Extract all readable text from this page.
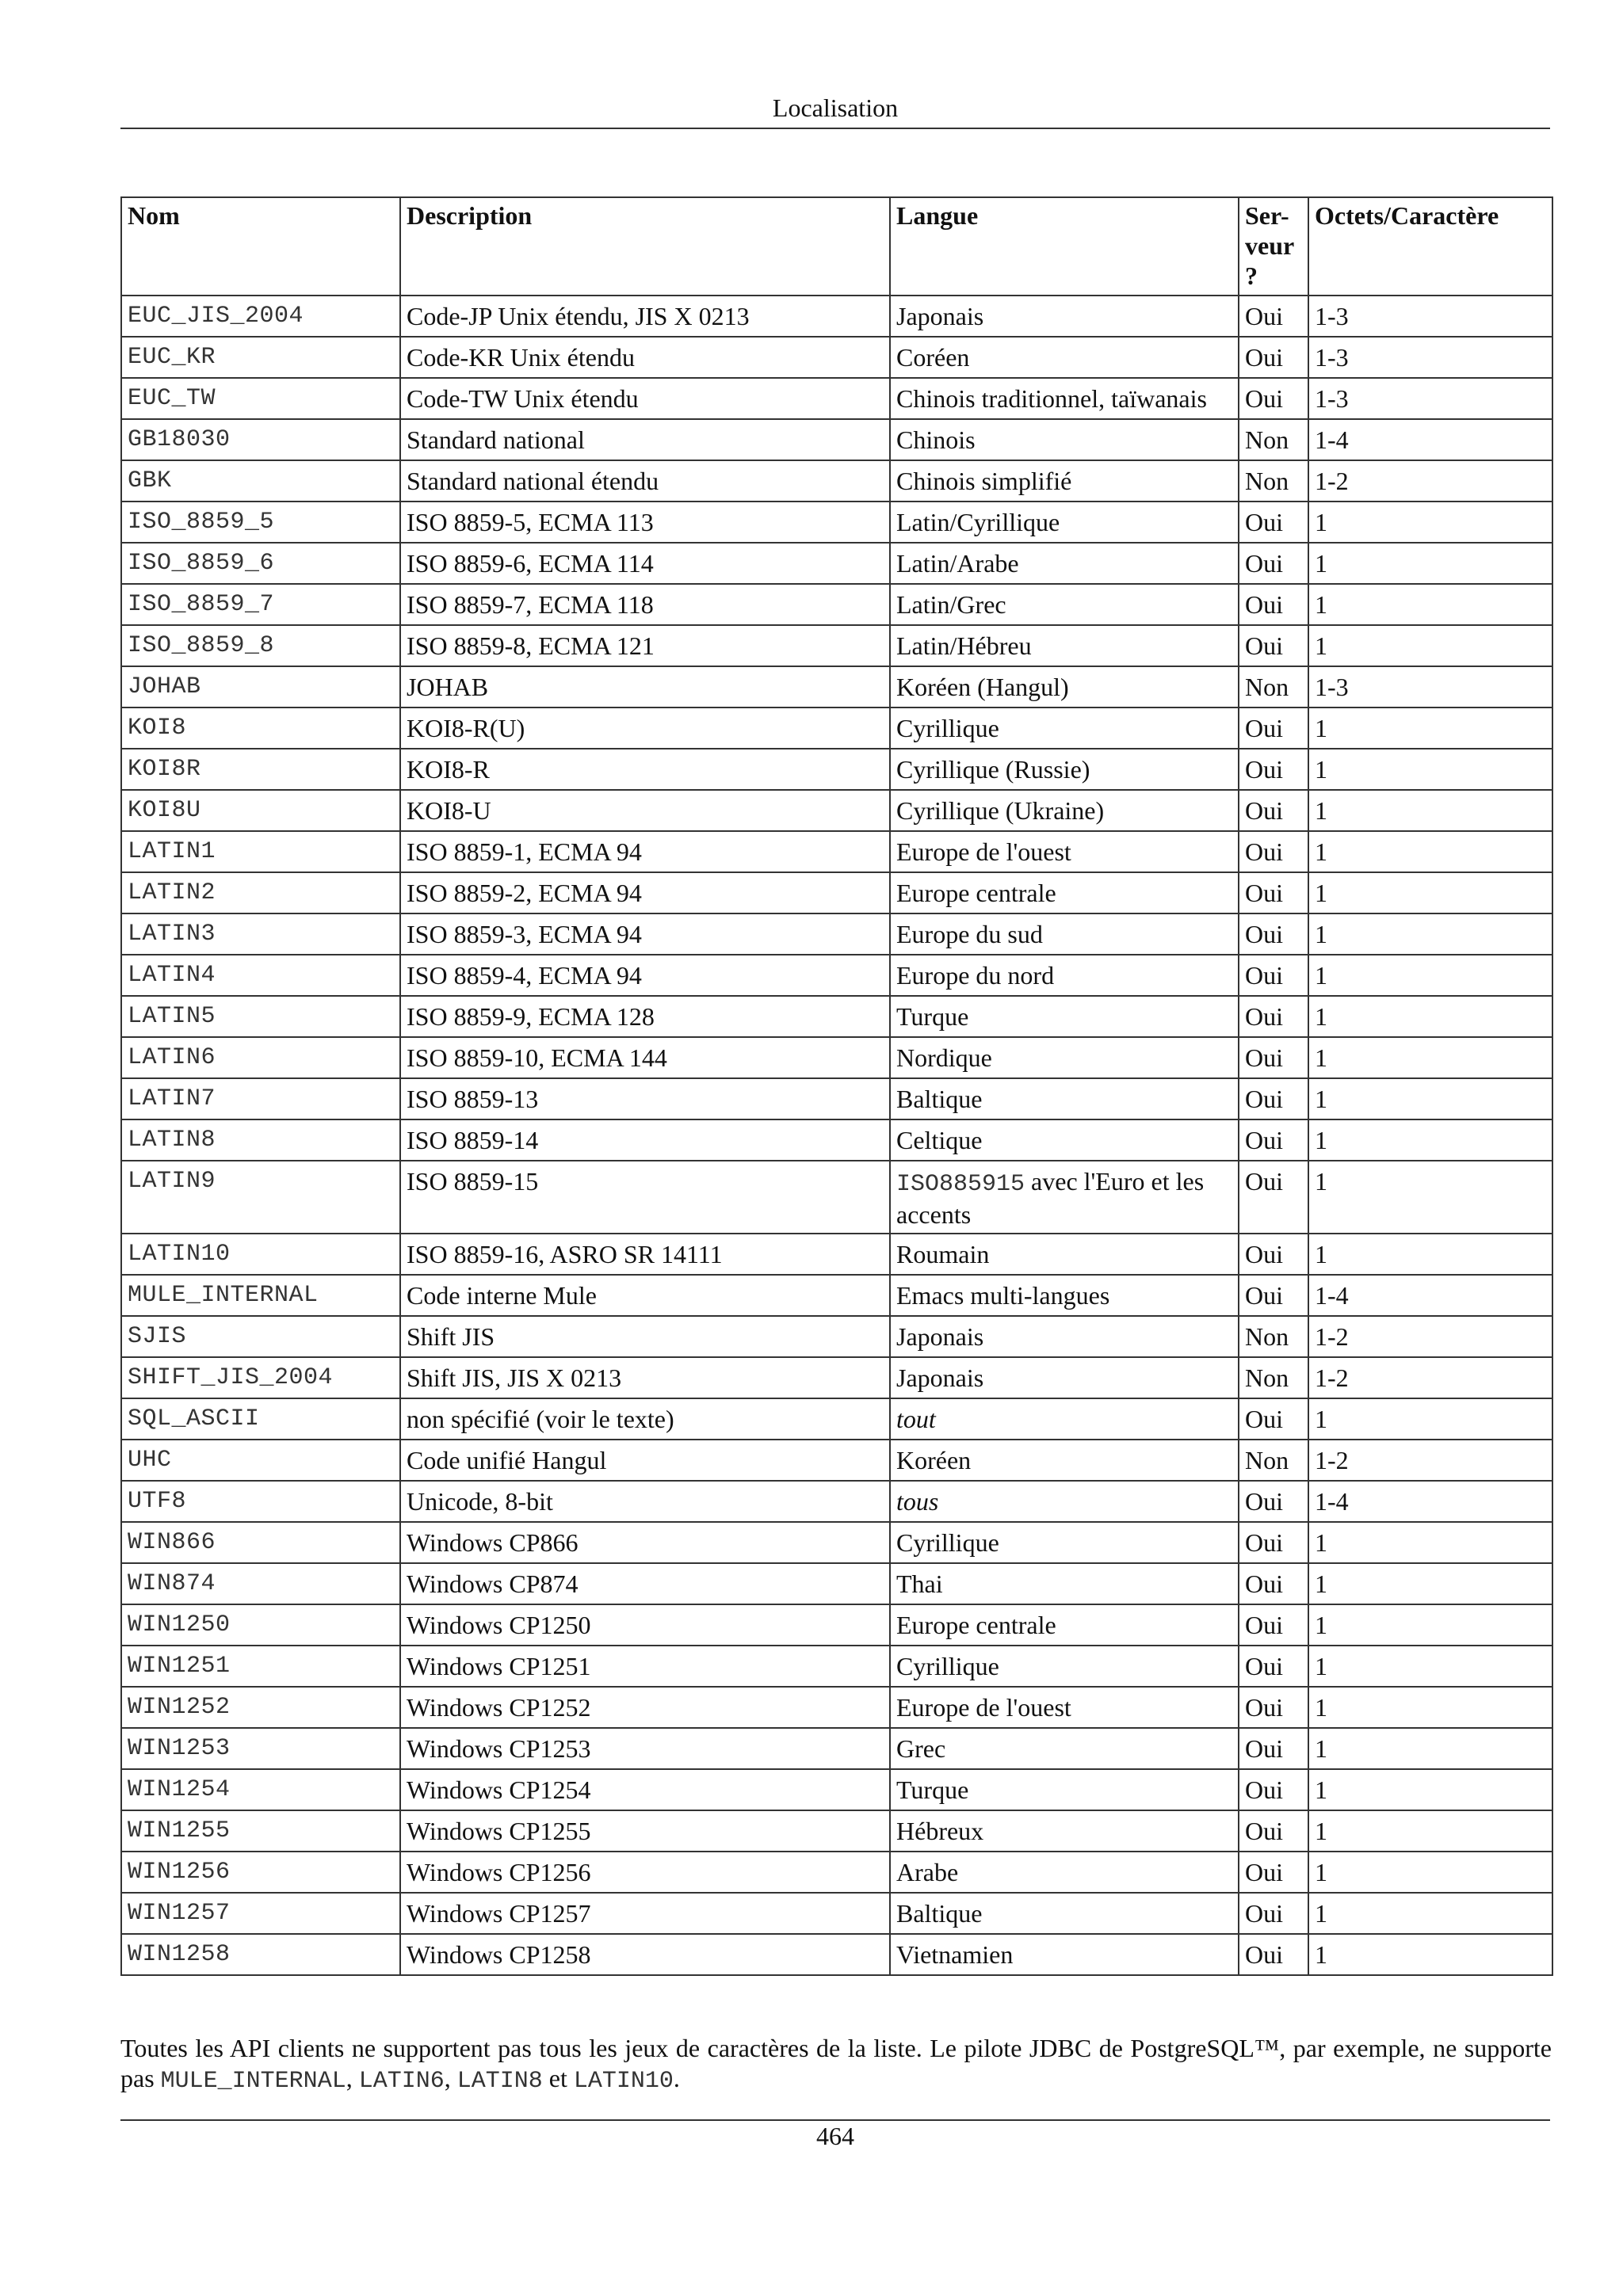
Localisation
Nom	Description	Langue	Ser-
veur
?	Octets/Caractère
EUC_JIS_2004	Code-JP Unix étendu, JIS X 0213	Japonais	Oui	1-3
EUC_KR	Code-KR Unix étendu	Coréen	Oui	1-3
EUC_TW	Code-TW Unix étendu	Chinois traditionnel, taïwanais	Oui	1-3
GB18030	Standard national	Chinois	Non	1-4
GBK	Standard national étendu	Chinois simplifié	Non	1-2
ISO_8859_5	ISO 8859-5, ECMA 113	Latin/Cyrillique	Oui	1
ISO_8859_6	ISO 8859-6, ECMA 114	Latin/Arabe	Oui	1
ISO_8859_7	ISO 8859-7, ECMA 118	Latin/Grec	Oui	1
ISO_8859_8	ISO 8859-8, ECMA 121	Latin/Hébreu	Oui	1
JOHAB	JOHAB	Koréen (Hangul)	Non	1-3
KOI8	KOI8-R(U)	Cyrillique	Oui	1
KOI8R	KOI8-R	Cyrillique (Russie)	Oui	1
KOI8U	KOI8-U	Cyrillique (Ukraine)	Oui	1
LATIN1	ISO 8859-1, ECMA 94	Europe de l'ouest	Oui	1
LATIN2	ISO 8859-2, ECMA 94	Europe centrale	Oui	1
LATIN3	ISO 8859-3, ECMA 94	Europe du sud	Oui	1
LATIN4	ISO 8859-4, ECMA 94	Europe du nord	Oui	1
LATIN5	ISO 8859-9, ECMA 128	Turque	Oui	1
LATIN6	ISO 8859-10, ECMA 144	Nordique	Oui	1
LATIN7	ISO 8859-13	Baltique	Oui	1
LATIN8	ISO 8859-14	Celtique	Oui	1
LATIN9	ISO 8859-15	ISO885915 avec l'Euro et les accents	Oui	1
LATIN10	ISO 8859-16, ASRO SR 14111	Roumain	Oui	1
MULE_INTERNAL	Code interne Mule	Emacs multi-langues	Oui	1-4
SJIS	Shift JIS	Japonais	Non	1-2
SHIFT_JIS_2004	Shift JIS, JIS X 0213	Japonais	Non	1-2
SQL_ASCII	non spécifié (voir le texte)	tout	Oui	1
UHC	Code unifié Hangul	Koréen	Non	1-2
UTF8	Unicode, 8-bit	tous	Oui	1-4
WIN866	Windows CP866	Cyrillique	Oui	1
WIN874	Windows CP874	Thai	Oui	1
WIN1250	Windows CP1250	Europe centrale	Oui	1
WIN1251	Windows CP1251	Cyrillique	Oui	1
WIN1252	Windows CP1252	Europe de l'ouest	Oui	1
WIN1253	Windows CP1253	Grec	Oui	1
WIN1254	Windows CP1254	Turque	Oui	1
WIN1255	Windows CP1255	Hébreux	Oui	1
WIN1256	Windows CP1256	Arabe	Oui	1
WIN1257	Windows CP1257	Baltique	Oui	1
WIN1258	Windows CP1258	Vietnamien	Oui	1
Toutes les API clients ne supportent pas tous les jeux de caractères de la liste. Le pilote JDBC de PostgreSQL™, par exemple, ne supporte pas MULE_INTERNAL, LATIN6, LATIN8 et LATIN10.
464
